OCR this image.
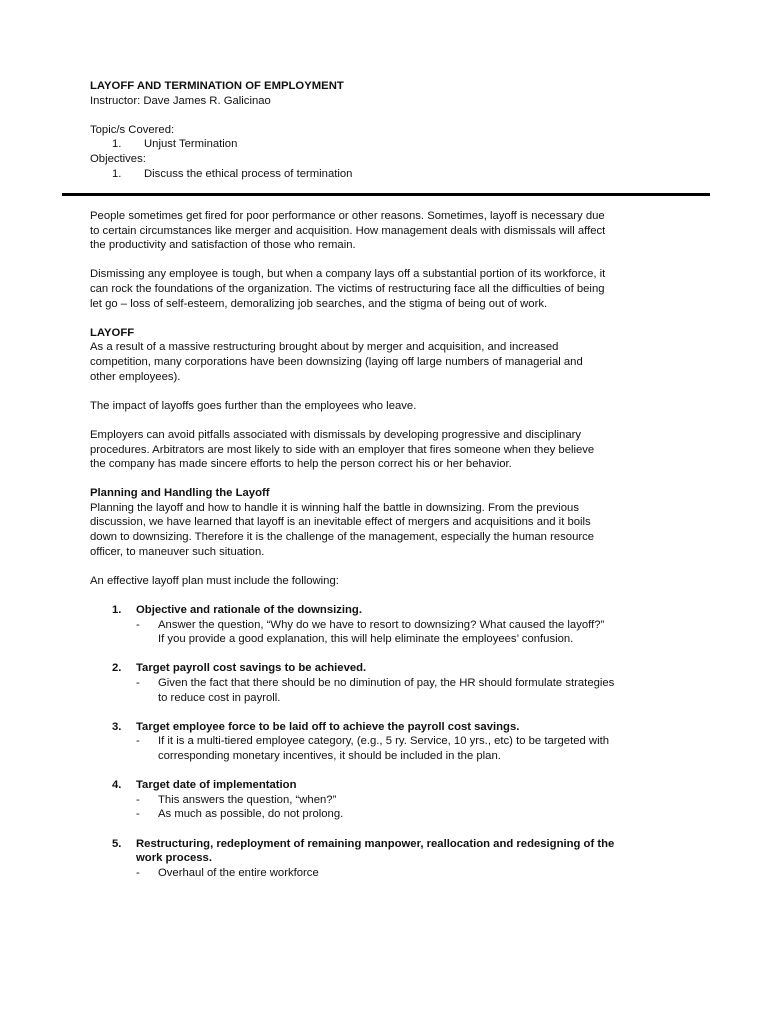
LAYOFF AND TERMINATION OF EMPLOYMENT
Instructor: Dave James R. Galicinao
Topic/s Covered:
1.	Unjust Termination
Objectives:
1.	Discuss the ethical process of termination
People sometimes get fired for poor performance or other reasons. Sometimes, layoff is necessary due
to certain circumstances like merger and acquisition. How management deals with dismissals will affect
the productivity and satisfaction of those who remain.
Dismissing any employee is tough, but when a company lays off a substantial portion of its workforce, it
can rock the foundations of the organization. The victims of restructuring face all the difficulties of being
let go – loss of self-esteem, demoralizing job searches, and the stigma of being out of work.
LAYOFF
As a result of a massive restructuring brought about by merger and acquisition, and increased
competition, many corporations have been downsizing (laying off large numbers of managerial and
other employees).
The impact of layoffs goes further than the employees who leave.
Employers can avoid pitfalls associated with dismissals by developing progressive and disciplinary
procedures. Arbitrators are most likely to side with an employer that fires someone when they believe
the company has made sincere efforts to help the person correct his or her behavior.
Planning and Handling the Layoff
Planning the layoff and how to handle it is winning half the battle in downsizing. From the previous
discussion, we have learned that layoff is an inevitable effect of mergers and acquisitions and it boils
down to downsizing. Therefore it is the challenge of the management, especially the human resource
officer, to maneuver such situation.
An effective layoff plan must include the following:
1.	Objective and rationale of the downsizing.
-	Answer the question, “Why do we have to resort to downsizing? What caused the layoff?”
If you provide a good explanation, this will help eliminate the employees’ confusion.
2.	Target payroll cost savings to be achieved.
-	Given the fact that there should be no diminution of pay, the HR should formulate strategies
to reduce cost in payroll.
3.	Target employee force to be laid off to achieve the payroll cost savings.
-	If it is a multi-tiered employee category, (e.g., 5 ry. Service, 10 yrs., etc) to be targeted with
corresponding monetary incentives, it should be included in the plan.
4.	Target date of implementation
-	This answers the question, “when?”
-	As much as possible, do not prolong.
5.	Restructuring, redeployment of remaining manpower, reallocation and redesigning of the
work process.
-	Overhaul of the entire workforce
